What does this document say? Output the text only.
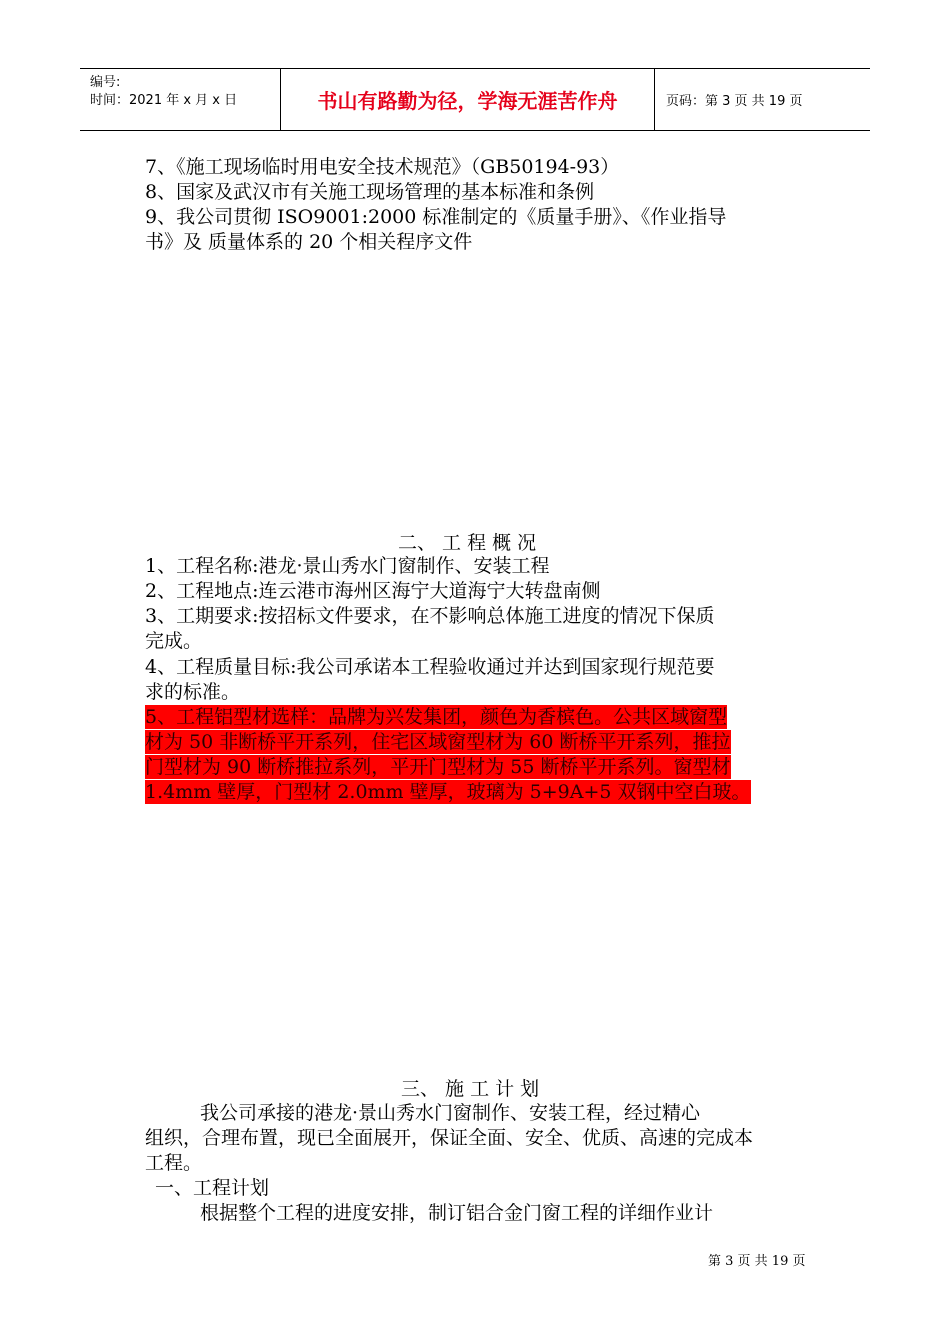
编号:
时间：2021 年 x 月 x 日	书山有路勤为径，学海无涯苦作舟	页码：第 3 页 共 19 页
7、《施工现场临时用电安全技术规范》（GB50194-93）
8、国家及武汉市有关施工现场管理的基本标准和条例
9、我公司贯彻 ISO9001:2000 标准制定的《质量手册》、《作业指导
书》及 质量体系的 20 个相关程序文件
二、 工 程 概 况
1、工程名称:港龙·景山秀水门窗制作、安装工程
2、工程地点:连云港市海州区海宁大道海宁大转盘南侧
3、工期要求:按招标文件要求，在不影响总体施工进度的情况下保质
完成。
4、工程质量目标:我公司承诺本工程验收通过并达到国家现行规范要
求的标准。
5、工程铝型材选样：品牌为兴发集团，颜色为香槟色。公共区域窗型
材为 50 非断桥平开系列，住宅区域窗型材为 60 断桥平开系列，推拉
门型材为 90 断桥推拉系列，平开门型材为 55 断桥平开系列。窗型材
1.4mm 壁厚，门型材 2.0mm 壁厚，玻璃为 5+9A+5 双钢中空白玻。
三、 施 工 计 划
我公司承接的港龙·景山秀水门窗制作、安装工程，经过精心
组织，合理布置，现已全面展开，保证全面、安全、优质、高速的完成本
工程。
一、工程计划
根据整个工程的进度安排，制订铝合金门窗工程的详细作业计
第 3 页 共 19 页
